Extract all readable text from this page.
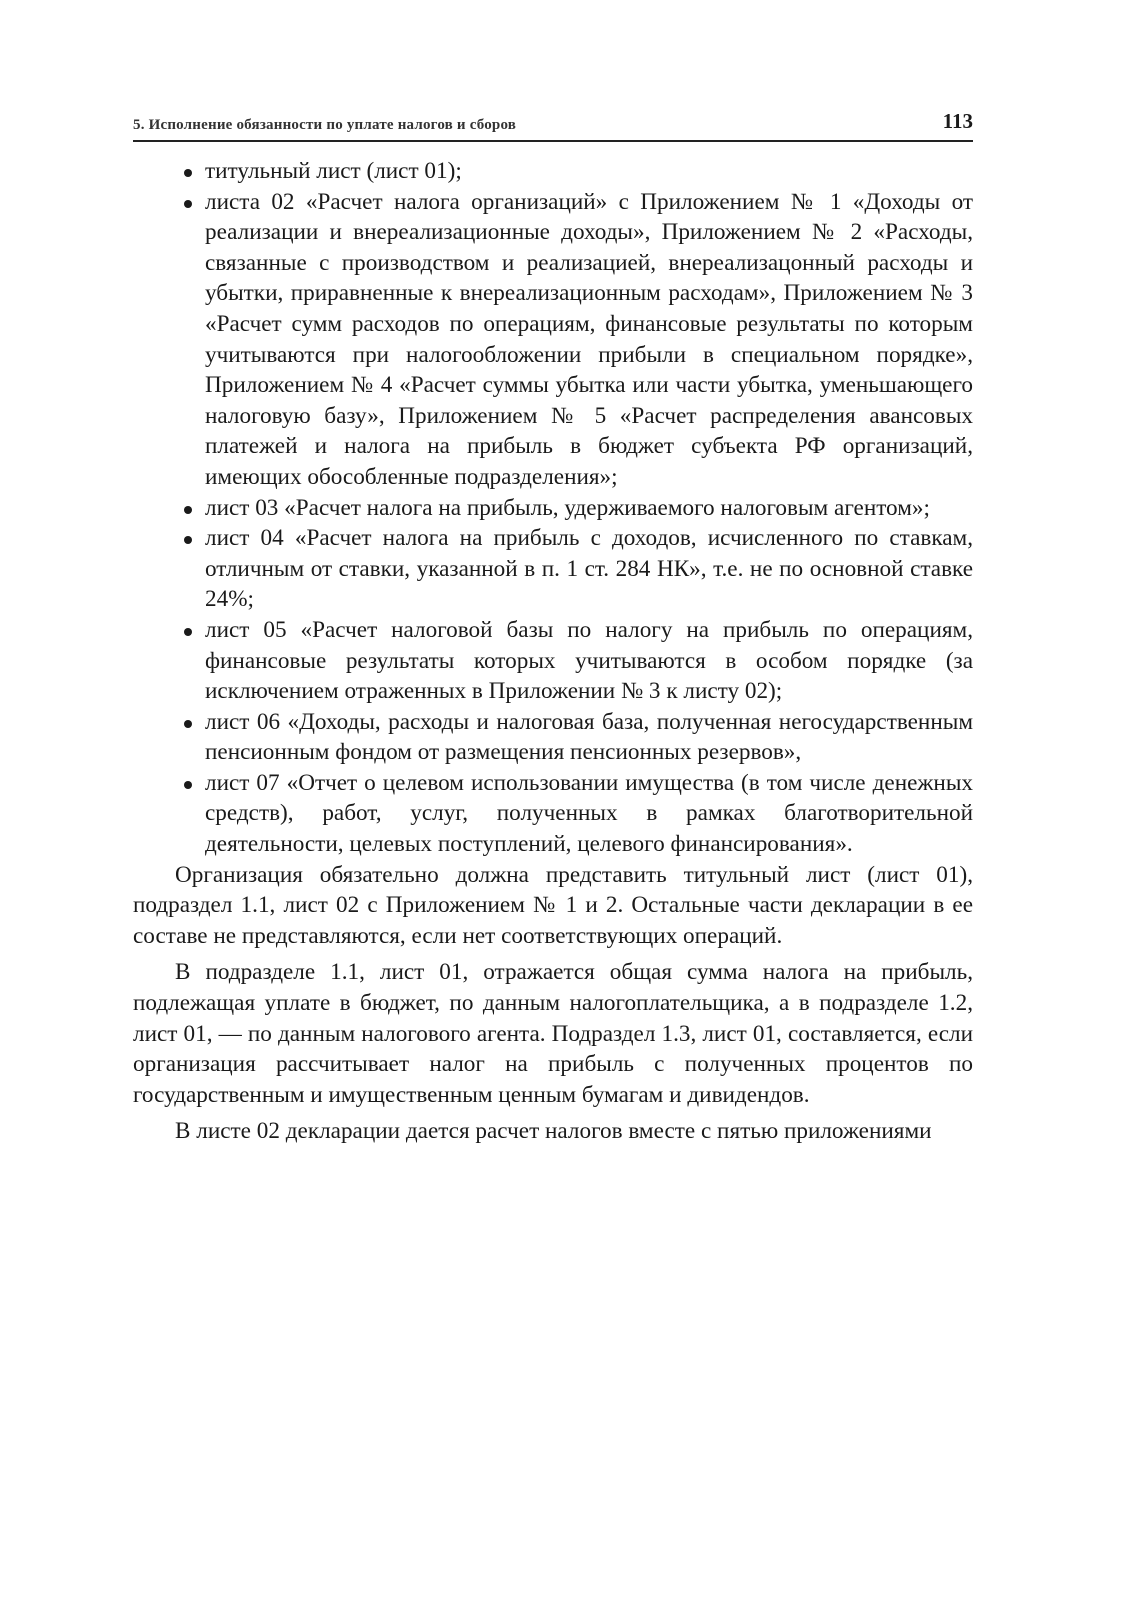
5. Исполнение обязанности по уплате налогов и сборов	113
титульный лист (лист 01);
листа 02 «Расчет налога организаций» с Приложением № 1 «Доходы от реализации и внереализационные доходы», Приложением № 2 «Расходы, связанные с производством и реализацией, внереализацонный расходы и убытки, приравненные к внереализационным расходам», Приложением № 3 «Расчет сумм расходов по операциям, финансовые результаты по которым учитываются при налогообложении прибыли в специальном порядке», Приложением № 4 «Расчет суммы убытка или части убытка, уменьшающего налоговую базу», Приложением № 5 «Расчет распределения авансовых платежей и налога на прибыль в бюджет субъекта РФ организаций, имеющих обособленные подразделения»;
лист 03 «Расчет налога на прибыль, удерживаемого налоговым агентом»;
лист 04 «Расчет налога на прибыль с доходов, исчисленного по ставкам, отличным от ставки, указанной в п. 1 ст. 284 НК», т.е. не по основной ставке 24%;
лист 05 «Расчет налоговой базы по налогу на прибыль по операциям, финансовые результаты которых учитываются в особом порядке (за исключением отраженных в Приложении № 3 к листу 02);
лист 06 «Доходы, расходы и налоговая база, полученная негосударственным пенсионным фондом от размещения пенсионных резервов»,
лист 07 «Отчет о целевом использовании имущества (в том числе денежных средств), работ, услуг, полученных в рамках благотворительной деятельности, целевых поступлений, целевого финансирования».

Организация обязательно должна представить титульный лист (лист 01), подраздел 1.1, лист 02 с Приложением № 1 и 2. Остальные части декларации в ее составе не представляются, если нет соответствующих операций.

В подразделе 1.1, лист 01, отражается общая сумма налога на прибыль, подлежащая уплате в бюджет, по данным налогоплательщика, а в подразделе 1.2, лист 01, — по данным налогового агента. Подраздел 1.3, лист 01, составляется, если организация рассчитывает налог на прибыль с полученных процентов по государственным и имущественным ценным бумагам и дивидендов.

В листе 02 декларации дается расчет налогов вместе с пятью приложениями
